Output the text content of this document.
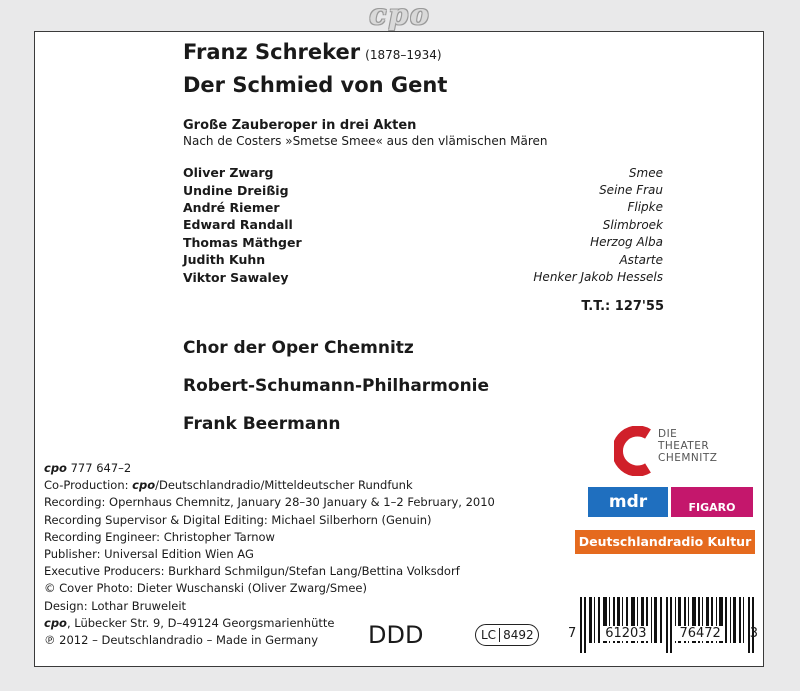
cpo
Franz Schreker (1878–1934)
Der Schmied von Gent
Große Zauberoper in drei Akten
Nach de Costers »Smetse Smee« aus den vlämischen Mären
Oliver Zwarg	Smee
Undine Dreißig	Seine Frau
André Riemer	Flipke
Edward Randall	Slimbroek
Thomas Mäthger	Herzog Alba
Judith Kuhn	Astarte
Viktor Sawaley	Henker Jakob Hessels
T.T.: 127'55
Chor der Oper Chemnitz
Robert-Schumann-Philharmonie
Frank Beermann
cpo 777 647–2
Co-Production: cpo/Deutschlandradio/Mitteldeutscher Rundfunk
Recording: Opernhaus Chemnitz, January 28–30 January & 1–2 February, 2010
Recording Supervisor & Digital Editing: Michael Silberhorn (Genuin)
Recording Engineer: Christopher Tarnow
Publisher: Universal Edition Wien AG
Executive Producers: Burkhard Schmilgun/Stefan Lang/Bettina Volksdorf
© Cover Photo: Dieter Wuschanski (Oliver Zwarg/Smee)
Design: Lothar Bruweleit
cpo, Lübecker Str. 9, D–49124 Georgsmarienhütte
℗ 2012 – Deutschlandradio – Made in Germany	DDD	LC 8492	7	61203	76472	3
DIE
THEATER
CHEMNITZ
mdr	FIGARO
Deutschlandradio Kultur
